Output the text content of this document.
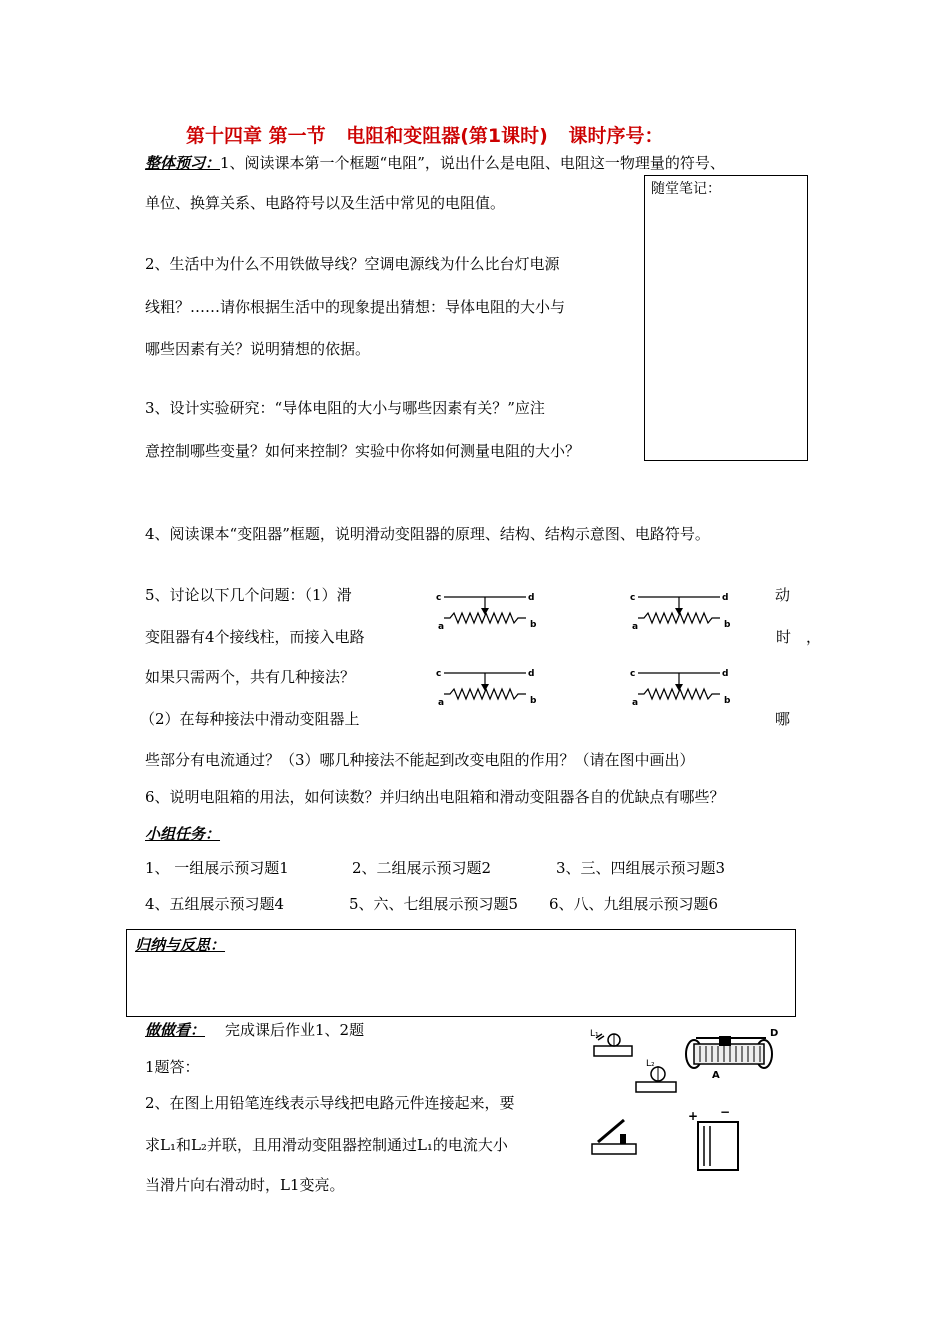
第十四章 第一节 电阻和变阻器(第1课时) 课时序号：
整体预习：1、阅读课本第一个框题“电阻”，说出什么是电阻、电阻这一物理量的符号、
单位、换算关系、电路符号以及生活中常见的电阻值。
随堂笔记：
2、生活中为什么不用铁做导线？空调电源线为什么比台灯电源
线粗？……请你根据生活中的现象提出猜想：导体电阻的大小与
哪些因素有关？说明猜想的依据。
3、设计实验研究：“导体电阻的大小与哪些因素有关？”应注
意控制哪些变量？如何来控制？实验中你将如何测量电阻的大小？
4、阅读课本“变阻器”框题，说明滑动变阻器的原理、结构、结构示意图、电路符号。
5、讨论以下几个问题：（1）滑	动
变阻器有4个接线柱，而接入电路	时　，
如果只需两个，共有几种接法？
（2）在每种接法中滑动变阻器上	哪
些部分有电流通过？（3）哪几种接法不能起到改变电阻的作用？（请在图中画出）
6、说明电阻箱的用法，如何读数？并归纳出电阻箱和滑动变阻器各自的优缺点有哪些？
c	d
a	b
c	d
a	b
c	d
a	b
c	d
a	b
小组任务：
1、 一组展示预习题1	2、二组展示预习题2	3、三、四组展示预习题3
4、五组展示预习题4	5、六、七组展示预习题5 6、八、九组展示预习题6
归纳与反思：
做做看： 完成课后作业1、2题
1题答：
2、在图上用铅笔连线表示导线把电路元件连接起来，要
求L₁和L₂并联，且用滑动变阻器控制通过L₁的电流大小
当滑片向右滑动时，L1变亮。
L₁
L₂
A
D
+ −
